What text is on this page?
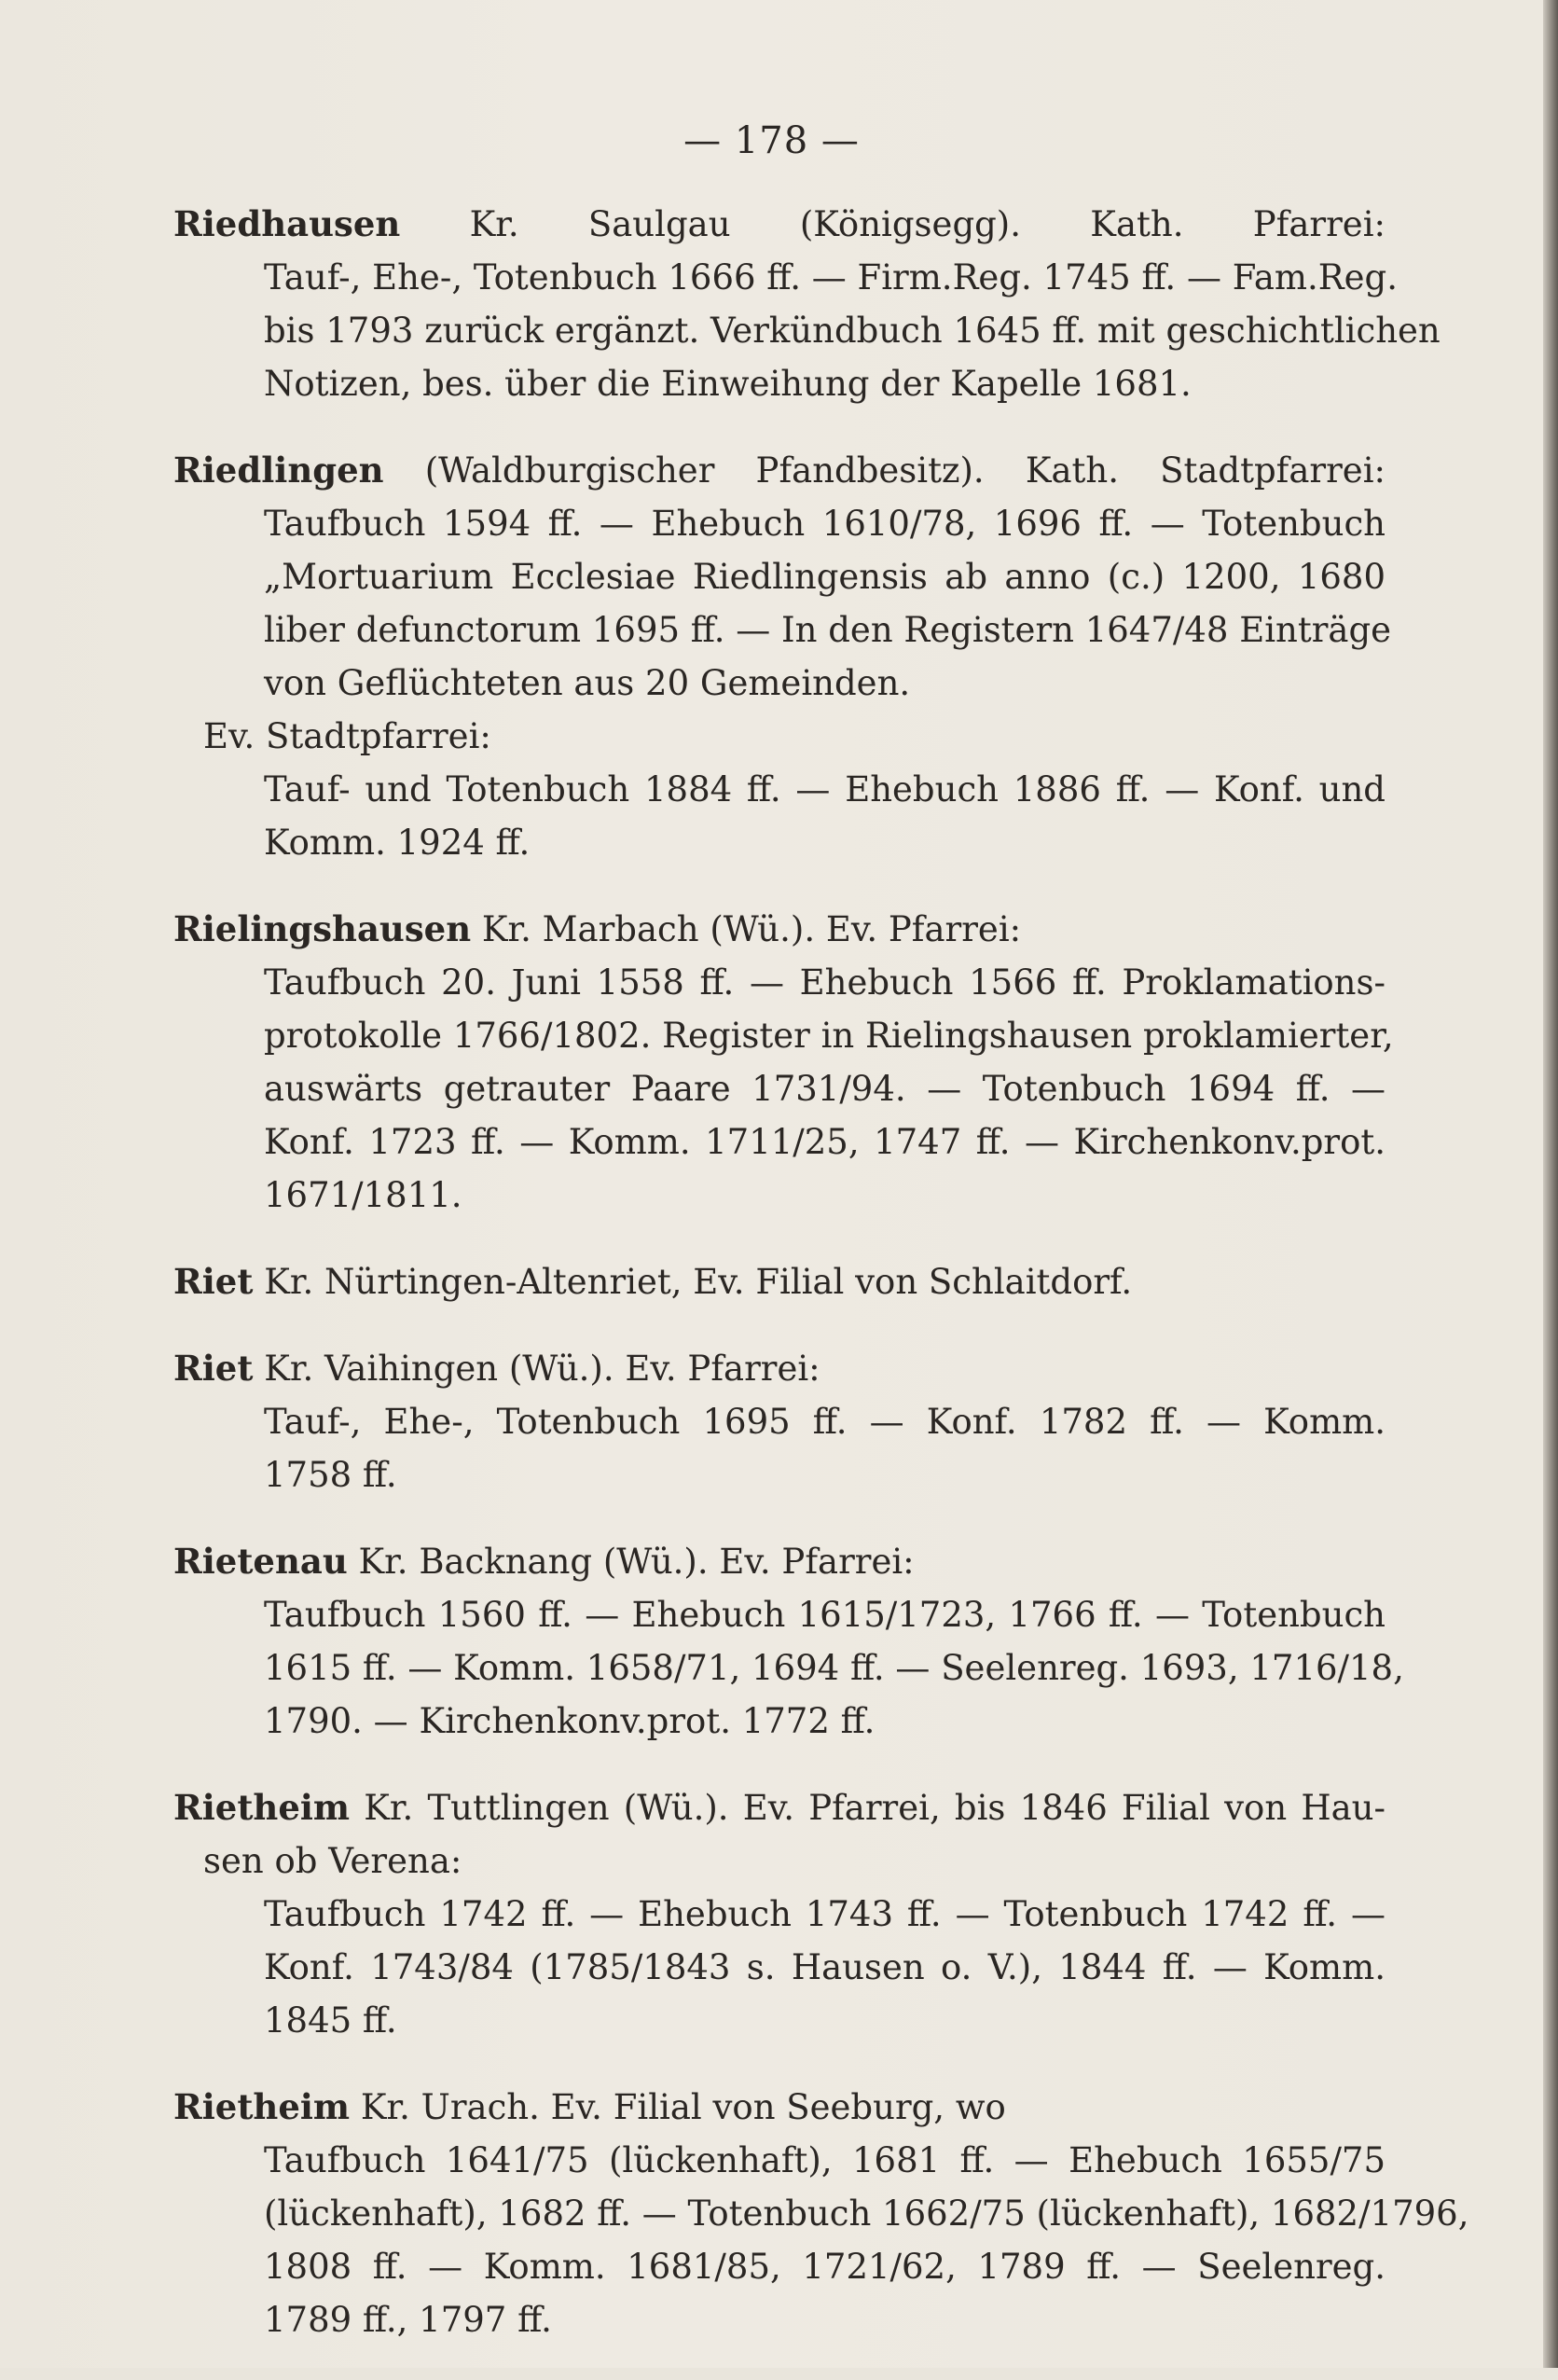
— 178 —
Riedhausen Kr. Saulgau (Königsegg). Kath. Pfarrei:
Tauf-, Ehe-, Totenbuch 1666 ff. — Firm.Reg. 1745 ff. — Fam.Reg.
bis 1793 zurück ergänzt. Verkündbuch 1645 ff. mit geschichtlichen
Notizen, bes. über die Einweihung der Kapelle 1681.
Riedlingen (Waldburgischer Pfandbesitz). Kath. Stadtpfarrei:
Taufbuch 1594 ff. — Ehebuch 1610/78, 1696 ff. — Totenbuch
„Mortuarium Ecclesiae Riedlingensis ab anno (c.) 1200, 1680
liber defunctorum 1695 ff. — In den Registern 1647/48 Einträge
von Geflüchteten aus 20 Gemeinden.
Ev. Stadtpfarrei:
Tauf- und Totenbuch 1884 ff. — Ehebuch 1886 ff. — Konf. und
Komm. 1924 ff.
Rielingshausen Kr. Marbach (Wü.). Ev. Pfarrei:
Taufbuch 20. Juni 1558 ff. — Ehebuch 1566 ff. Proklamations-
protokolle 1766/1802. Register in Rielingshausen proklamierter,
auswärts getrauter Paare 1731/94. — Totenbuch 1694 ff. —
Konf. 1723 ff. — Komm. 1711/25, 1747 ff. — Kirchenkonv.prot.
1671/1811.
Riet Kr. Nürtingen-Altenriet, Ev. Filial von Schlaitdorf.
Riet Kr. Vaihingen (Wü.). Ev. Pfarrei:
Tauf-, Ehe-, Totenbuch 1695 ff. — Konf. 1782 ff. — Komm.
1758 ff.
Rietenau Kr. Backnang (Wü.). Ev. Pfarrei:
Taufbuch 1560 ff. — Ehebuch 1615/1723, 1766 ff. — Totenbuch
1615 ff. — Komm. 1658/71, 1694 ff. — Seelenreg. 1693, 1716/18,
1790. — Kirchenkonv.prot. 1772 ff.
Rietheim Kr. Tuttlingen (Wü.). Ev. Pfarrei, bis 1846 Filial von Hau-
sen ob Verena:
Taufbuch 1742 ff. — Ehebuch 1743 ff. — Totenbuch 1742 ff. —
Konf. 1743/84 (1785/1843 s. Hausen o. V.), 1844 ff. — Komm.
1845 ff.
Rietheim Kr. Urach. Ev. Filial von Seeburg, wo
Taufbuch 1641/75 (lückenhaft), 1681 ff. — Ehebuch 1655/75
(lückenhaft), 1682 ff. — Totenbuch 1662/75 (lückenhaft), 1682/1796,
1808 ff. — Komm. 1681/85, 1721/62, 1789 ff. — Seelenreg.
1789 ff., 1797 ff.
